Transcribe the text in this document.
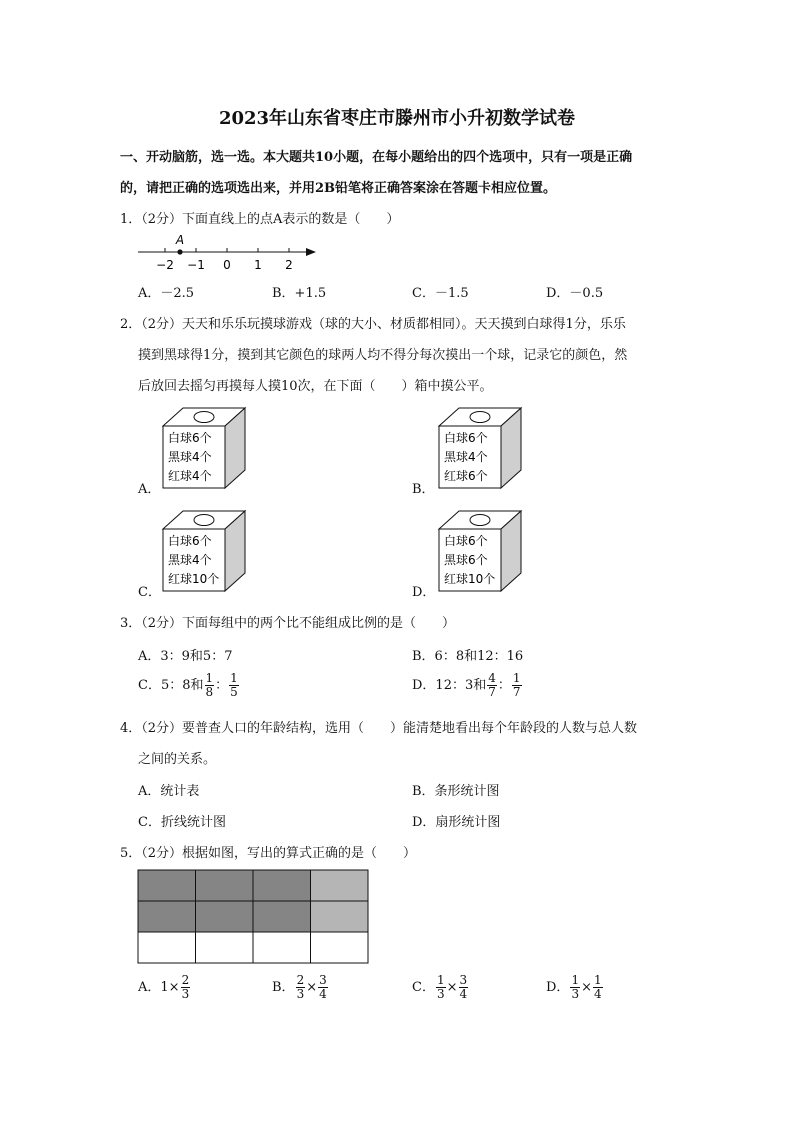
2023年山东省枣庄市滕州市小升初数学试卷
一、开动脑筋，选一选。本大题共10小题，在每小题给出的四个选项中，只有一项是正确
的，请把正确的选项选出来，并用2B铅笔将正确答案涂在答题卡相应位置。
1．（2分）下面直线上的点A表示的数是（　　）
A
−2 −1 0 1 2
A．－2.5	B．+1.5	C．－1.5	D．－0.5
2．（2分）天天和乐乐玩摸球游戏（球的大小、材质都相同）。天天摸到白球得1分，乐乐
摸到黑球得1分，摸到其它颜色的球两人均不得分每次摸出一个球，记录它的颜色，然
后放回去摇匀再摸每人摸10次，在下面（　　）箱中摸公平。
A．
白球6个
黑球4个
红球4个
B．
白球6个
黑球4个
红球6个
C．
白球6个
黑球4个
红球10个
D．
白球6个
黑球6个
红球10个
3．（2分）下面每组中的两个比不能组成比例的是（　　）
A．3：9和5：7	B．6：8和12：16
C．5：8和 $\frac{1}{8}$ ： $\frac{1}{5}$	D．12：3和 $\frac{4}{7}$ ： $\frac{1}{7}$
4．（2分）要普查人口的年龄结构，选用（　　）能清楚地看出每个年龄段的人数与总人数
之间的关系。
A．统计表	B．条形统计图
C．折线统计图	D．扇形统计图
5．（2分）根据如图，写出的算式正确的是（　　）
A．$1\times \frac{2}{3}$	B． $\frac{2}{3} \times \frac{3}{4}$	C． $\frac{1}{3} \times \frac{3}{4}$	D． $\frac{1}{3} \times \frac{1}{4}$
